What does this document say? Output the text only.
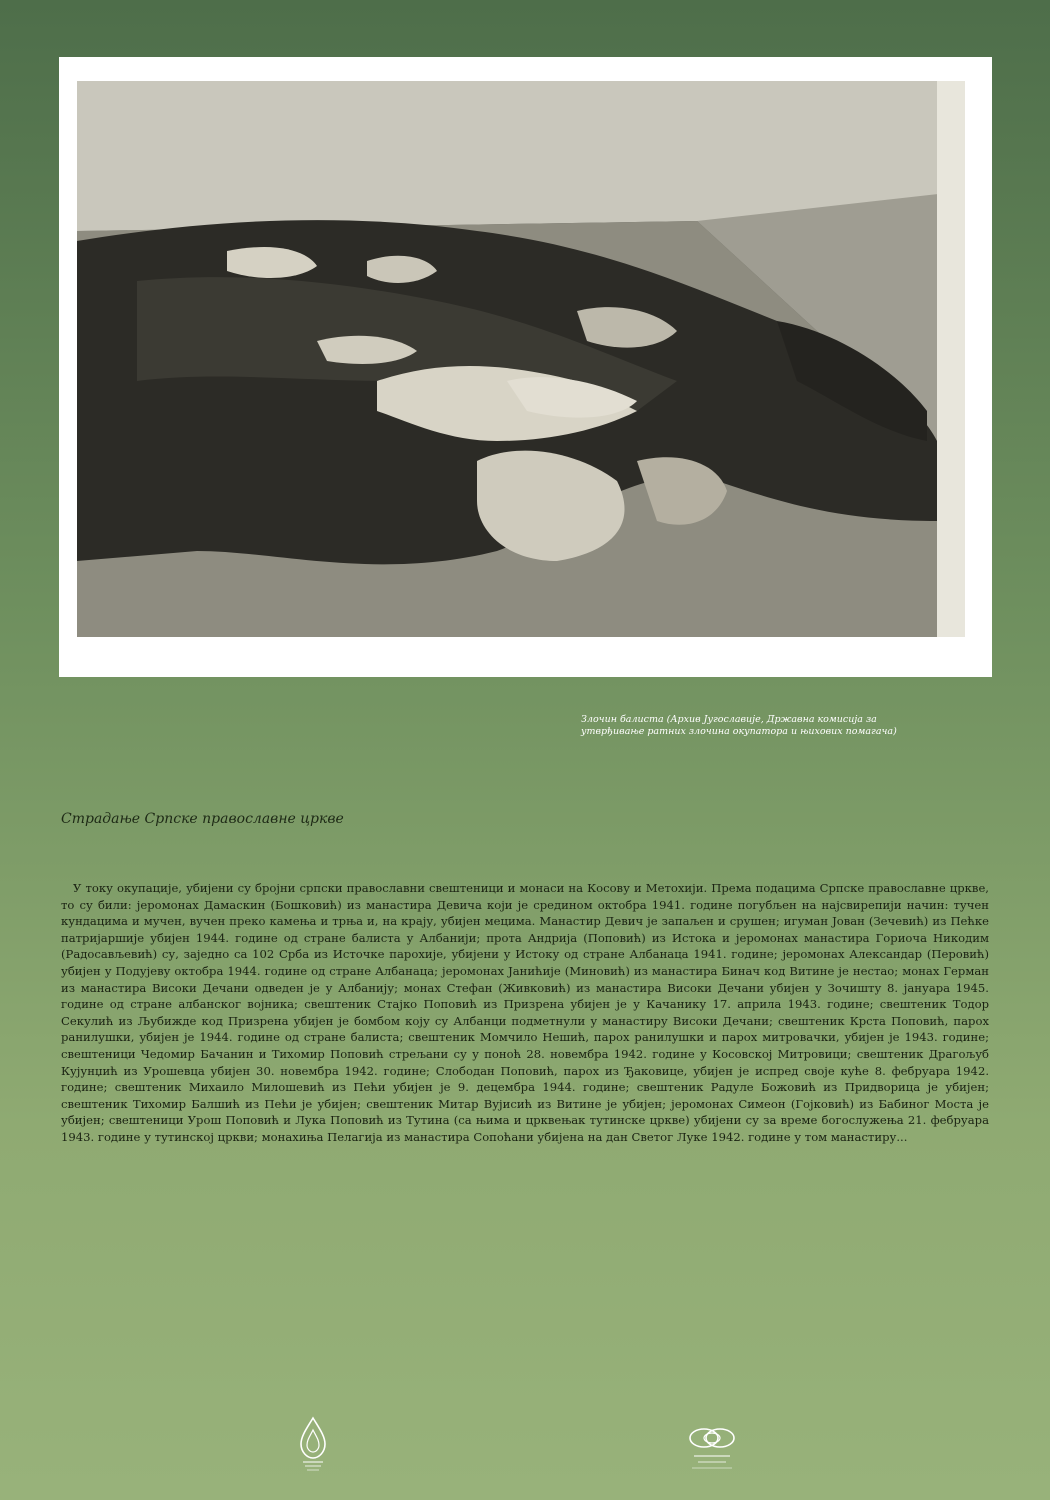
Злочин балиста (Архив Југославије, Државна комисија за утврђивање ратних злочина окупатора и њихових помагача)
Страдање Српске православне цркве

У току окупације, убијени су бројни српски православни свештеници и монаси на Косову и Метохији. Према подацима Српске православне цркве, то су били: јеромонах Дамаскин (Бошковић) из манастира Девича који је средином октобра 1941. године погубљен на најсвирепији начин: тучен кундацима и мучен, вучен преко камења и трња и, на крају, убијен мецима. Манастир Девич је запаљен и срушен; игуман Јован (Зечевић) из Пећке патријаршије убијен 1944. године од стране балиста у Албанији; прота Андрија (Поповић) из Истока и јеромонах манастира Гориоча Никодим (Радосављевић) су, заједно са 102 Срба из Источке парохије, убијени у Истоку од стране Албанаца 1941. године; јеромонах Александар (Перовић) убијен у Подујеву октобра 1944. године од стране Албанаца; јеромонах Јанићије (Миновић) из манастира Бинач код Витине је нестао; монах Герман из манастира Високи Дечани одведен је у Албанију; монах Стефан (Живковић) из манастира Високи Дечани убијен у Зочишту 8. јануара 1945. године од стране албанског војника; свештеник Стајко Поповић из Призрена убијен је у Качанику 17. априла 1943. године; свештеник Тодор Секулић из Љубижде код Призрена убијен је бомбом коју су Албанци подметнули у манастиру Високи Дечани; свештеник Крста Поповић, парох ранилушки, убијен је 1944. године од стране балиста; свештеник Момчило Нешић, парох ранилушки и парох митровачки, убијен је 1943. године; свештеници Чедомир Бачанин и Тихомир Поповић стрељани су у поноћ 28. новембра 1942. године у Косовској Митровици; свештеник Драгољуб Кујунџић из Урошевца убијен 30. новембра 1942. године; Слободан Поповић, парох из Ђаковице, убијен је испред своје куће 8. фебруара 1942. године; свештеник Михаило Милошевић из Пећи убијен је 9. децембра 1944. године; свештеник Радуле Божовић из Придворица је убијен; свештеник Тихомир Балшић из Пећи је убијен; свештеник Митар Вујисић из Витине је убијен; јеромонах Симеон (Гојковић) из Бабиног Моста је убијен; свештеници Урош Поповић и Лука Поповић из Тутина (са њима и црквењак тутинске цркве) убијени су за време богослужења 21. фебруара 1943. године у тутинској цркви; монахиња Пелагија из манастира Сопоћани убијена на дан Светог Луке 1942. године у том манастиру...
